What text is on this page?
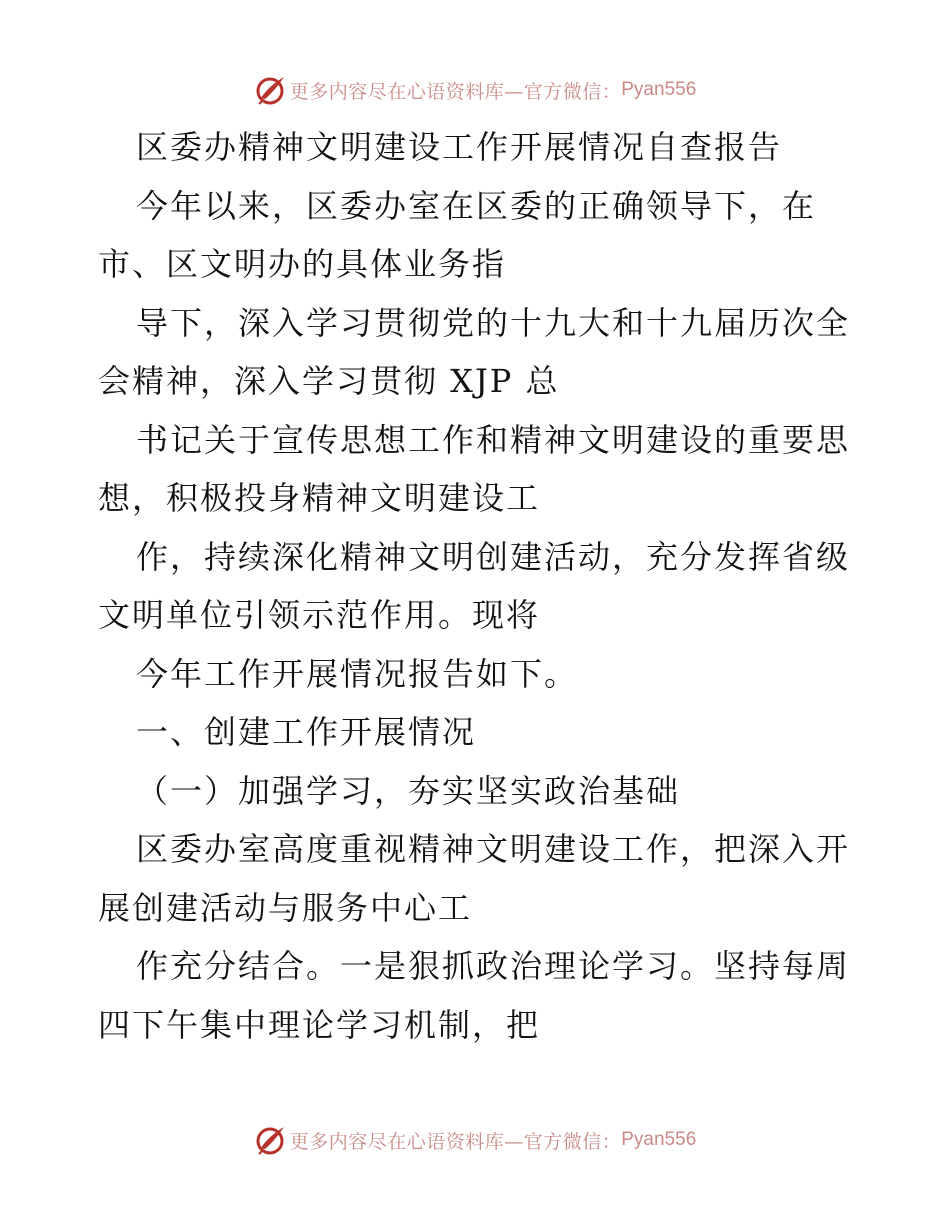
更多内容尽在心语资料库—官方微信： Pyan556
区委办精神文明建设工作开展情况自查报告
今年以来，区委办室在区委的正确领导下，在
市、区文明办的具体业务指
导下，深入学习贯彻党的十九大和十九届历次全
会精神，深入学习贯彻 XJP 总
书记关于宣传思想工作和精神文明建设的重要思
想，积极投身精神文明建设工
作，持续深化精神文明创建活动，充分发挥省级
文明单位引领示范作用。现将
今年工作开展情况报告如下。
一、创建工作开展情况
（一）加强学习，夯实坚实政治基础
区委办室高度重视精神文明建设工作，把深入开
展创建活动与服务中心工
作充分结合。一是狠抓政治理论学习。坚持每周
四下午集中理论学习机制，把
更多内容尽在心语资料库—官方微信： Pyan556
